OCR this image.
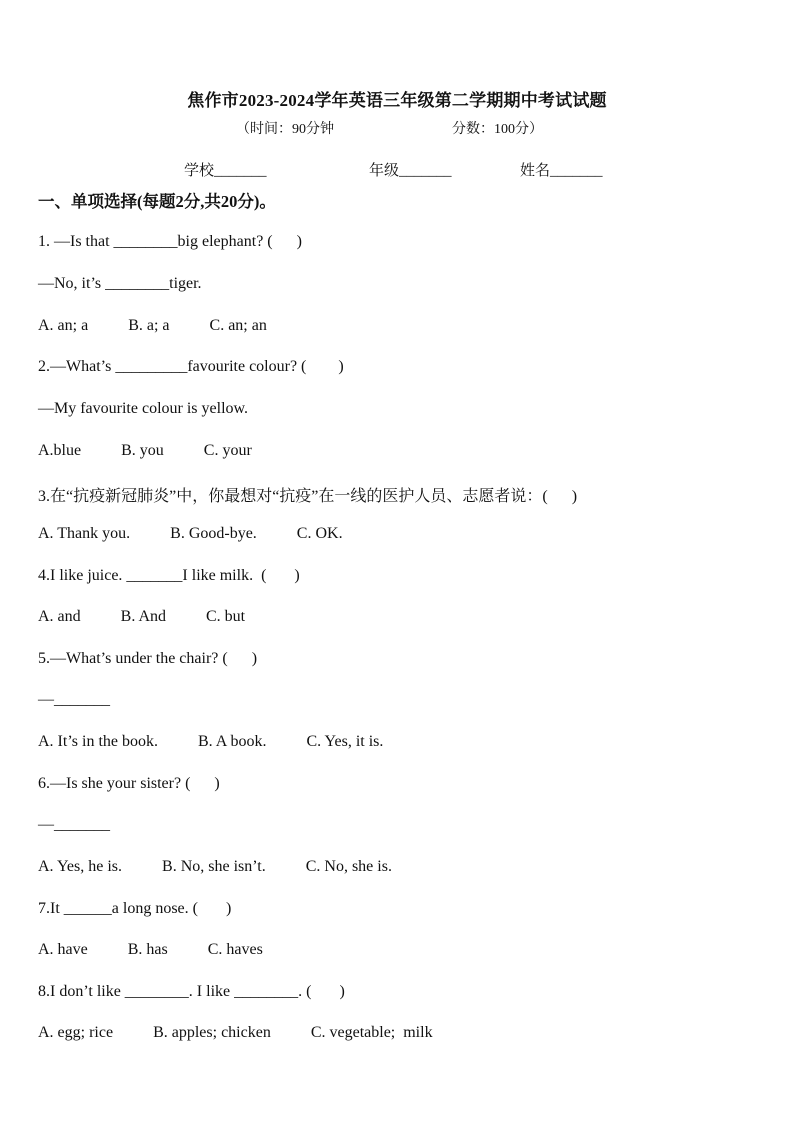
焦作市2023-2024学年英语三年级第二学期期中考试试题
（时间：90分钟	分数：100分）
学校_______	年级_______	姓名_______
一、单项选择(每题2分,共20分)。
1. —Is that ________big elephant? (      )
—No, it’s ________tiger.
A. an; a          B. a; a          C. an; an
2.—What’s _________favourite colour? (        )
—My favourite colour is yellow.
A.blue          B. you          C. your
3.在“抗疫新冠肺炎”中，你最想对“抗疫”在一线的医护人员、志愿者说：(      )
A. Thank you.          B. Good-bye.          C. OK.
4.I like juice. _______I like milk.  (       )
A. and          B. And          C. but
5.—What’s under the chair? (      )
—_______
A. It’s in the book.          B. A book.          C. Yes, it is.
6.—Is she your sister? (      )
—_______
A. Yes, he is.          B. No, she isn’t.          C. No, she is.
7.It ______a long nose. (       )
A. have          B. has          C. haves
8.I don’t like ________. I like ________. (       )
A. egg; rice          B. apples; chicken          C. vegetable;  milk
